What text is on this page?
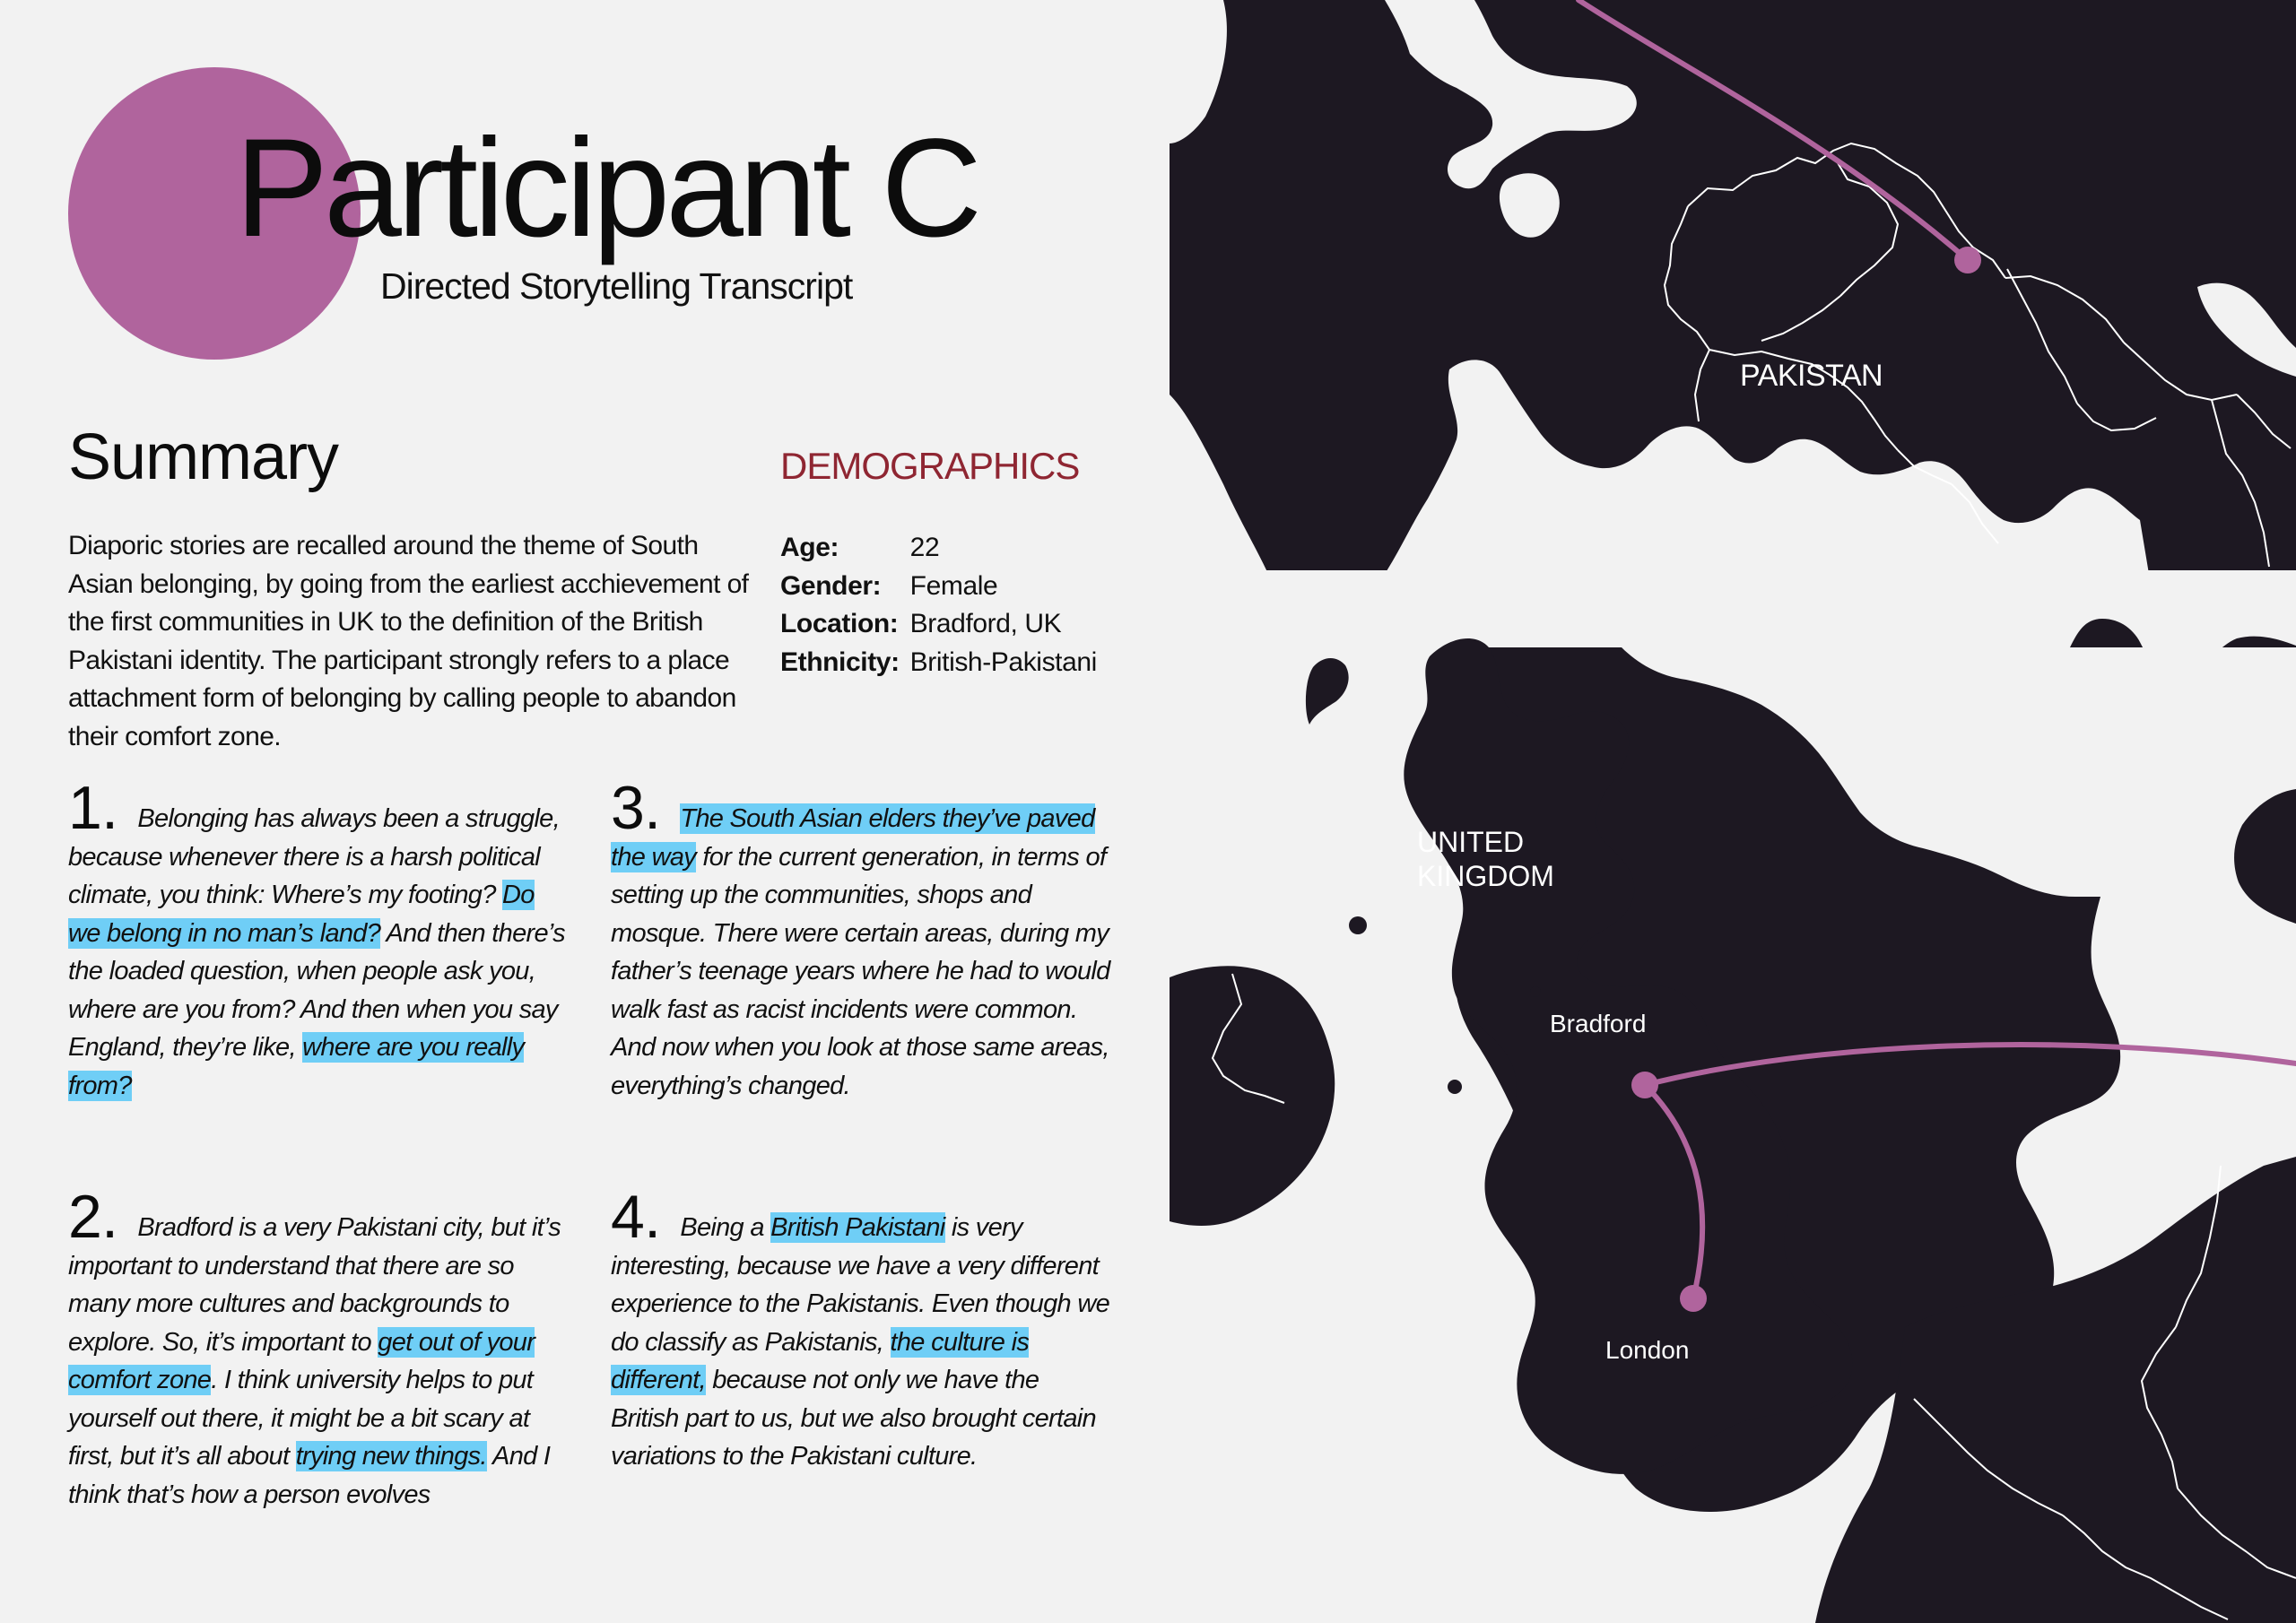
Participant C
Directed Storytelling Transcript
Summary

Diaporic stories are recalled around the theme of South Asian belonging, by going from the earliest acchievement of the first communities in UK to the definition of the British Pakistani identity. The participant strongly refers to a place attachment form of belonging by calling people to abandon their comfort zone.

DEMOGRAPHICS
Age:	22
Gender:	Female
Location:	Bradford, UK
Ethnicity:	British-Pakistani

1. Belonging has always been a struggle, because whenever there is a harsh political climate, you think: Where’s my footing? Do we belong in no man’s land? And then there’s the loaded question, when people ask you, where are you from? And then when you say England, they’re like, where are you really from?

2. Bradford is a very Pakistani city, but it’s important to understand that there are so many more cultures and backgrounds to explore. So, it’s important to get out of your comfort zone. I think university helps to put yourself out there, it might be a bit scary at first, but it’s all about trying new things. And I think that’s how a person evolves

3. The South Asian elders they’ve paved the way for the current generation, in terms of setting up the communities, shops and mosque. There were certain areas, during my father’s teenage years where he had to would walk fast as racist incidents were common. And now when you look at those same areas, everything’s changed.

4. Being a British Pakistani is very interesting, because we have a very different experience to the Pakistanis. Even though we do classify as Pakistanis, the culture is different, because not only we have the British part to us, but we also brought certain variations to the Pakistani culture.

PAKISTAN
UNITED
KINGDOM
Bradford
London
